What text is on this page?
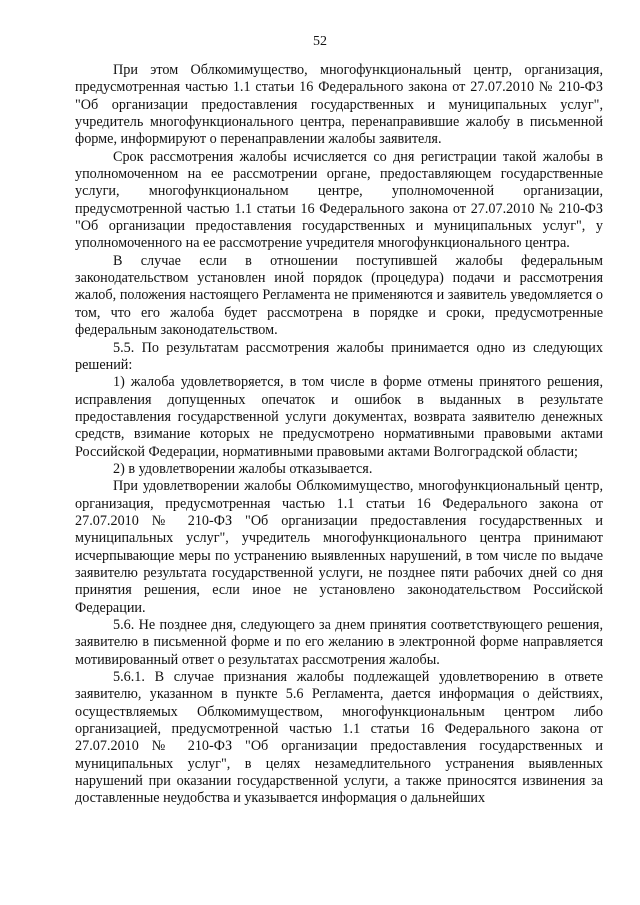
52

При этом Облкомимущество, многофункциональный центр, организация, предусмотренная частью 1.1 статьи 16 Федерального закона от 27.07.2010 № 210-ФЗ "Об организации предоставления государственных и муниципальных услуг", учредитель многофункционального центра, перенаправившие жалобу в письменной форме, информируют о перенаправлении жалобы заявителя.

Срок рассмотрения жалобы исчисляется со дня регистрации такой жалобы в уполномоченном на ее рассмотрении органе, предоставляющем государственные услуги, многофункциональном центре, уполномоченной организации, предусмотренной частью 1.1 статьи 16 Федерального закона от 27.07.2010 № 210-ФЗ "Об организации предоставления государственных и муниципальных услуг", у уполномоченного на ее рассмотрение учредителя многофункционального центра.

В случае если в отношении поступившей жалобы федеральным законодательством установлен иной порядок (процедура) подачи и рассмотрения жалоб, положения настоящего Регламента не применяются и заявитель уведомляется о том, что его жалоба будет рассмотрена в порядке и сроки, предусмотренные федеральным законодательством.

5.5. По результатам рассмотрения жалобы принимается одно из следующих решений:

1) жалоба удовлетворяется, в том числе в форме отмены принятого решения, исправления допущенных опечаток и ошибок в выданных в результате предоставления государственной услуги документах, возврата заявителю денежных средств, взимание которых не предусмотрено нормативными правовыми актами Российской Федерации, нормативными правовыми актами Волгоградской области;

2) в удовлетворении жалобы отказывается.

При удовлетворении жалобы Облкомимущество, многофункциональный центр, организация, предусмотренная частью 1.1 статьи 16 Федерального закона от 27.07.2010 № 210-ФЗ "Об организации предоставления государственных и муниципальных услуг", учредитель многофункционального центра принимают исчерпывающие меры по устранению выявленных нарушений, в том числе по выдаче заявителю результата государственной услуги, не позднее пяти рабочих дней со дня принятия решения, если иное не установлено законодательством Российской Федерации.

5.6. Не позднее дня, следующего за днем принятия соответствующего решения, заявителю в письменной форме и по его желанию в электронной форме направляется мотивированный ответ о результатах рассмотрения жалобы.

5.6.1. В случае признания жалобы подлежащей удовлетворению в ответе заявителю, указанном в пункте 5.6 Регламента, дается информация о действиях, осуществляемых Облкомимуществом, многофункциональным центром либо организацией, предусмотренной частью 1.1 статьи 16 Федерального закона от 27.07.2010 № 210-ФЗ "Об организации предоставления государственных и муниципальных услуг", в целях незамедлительного устранения выявленных нарушений при оказании государственной услуги, а также приносятся извинения за доставленные неудобства и указывается информация о дальнейших
